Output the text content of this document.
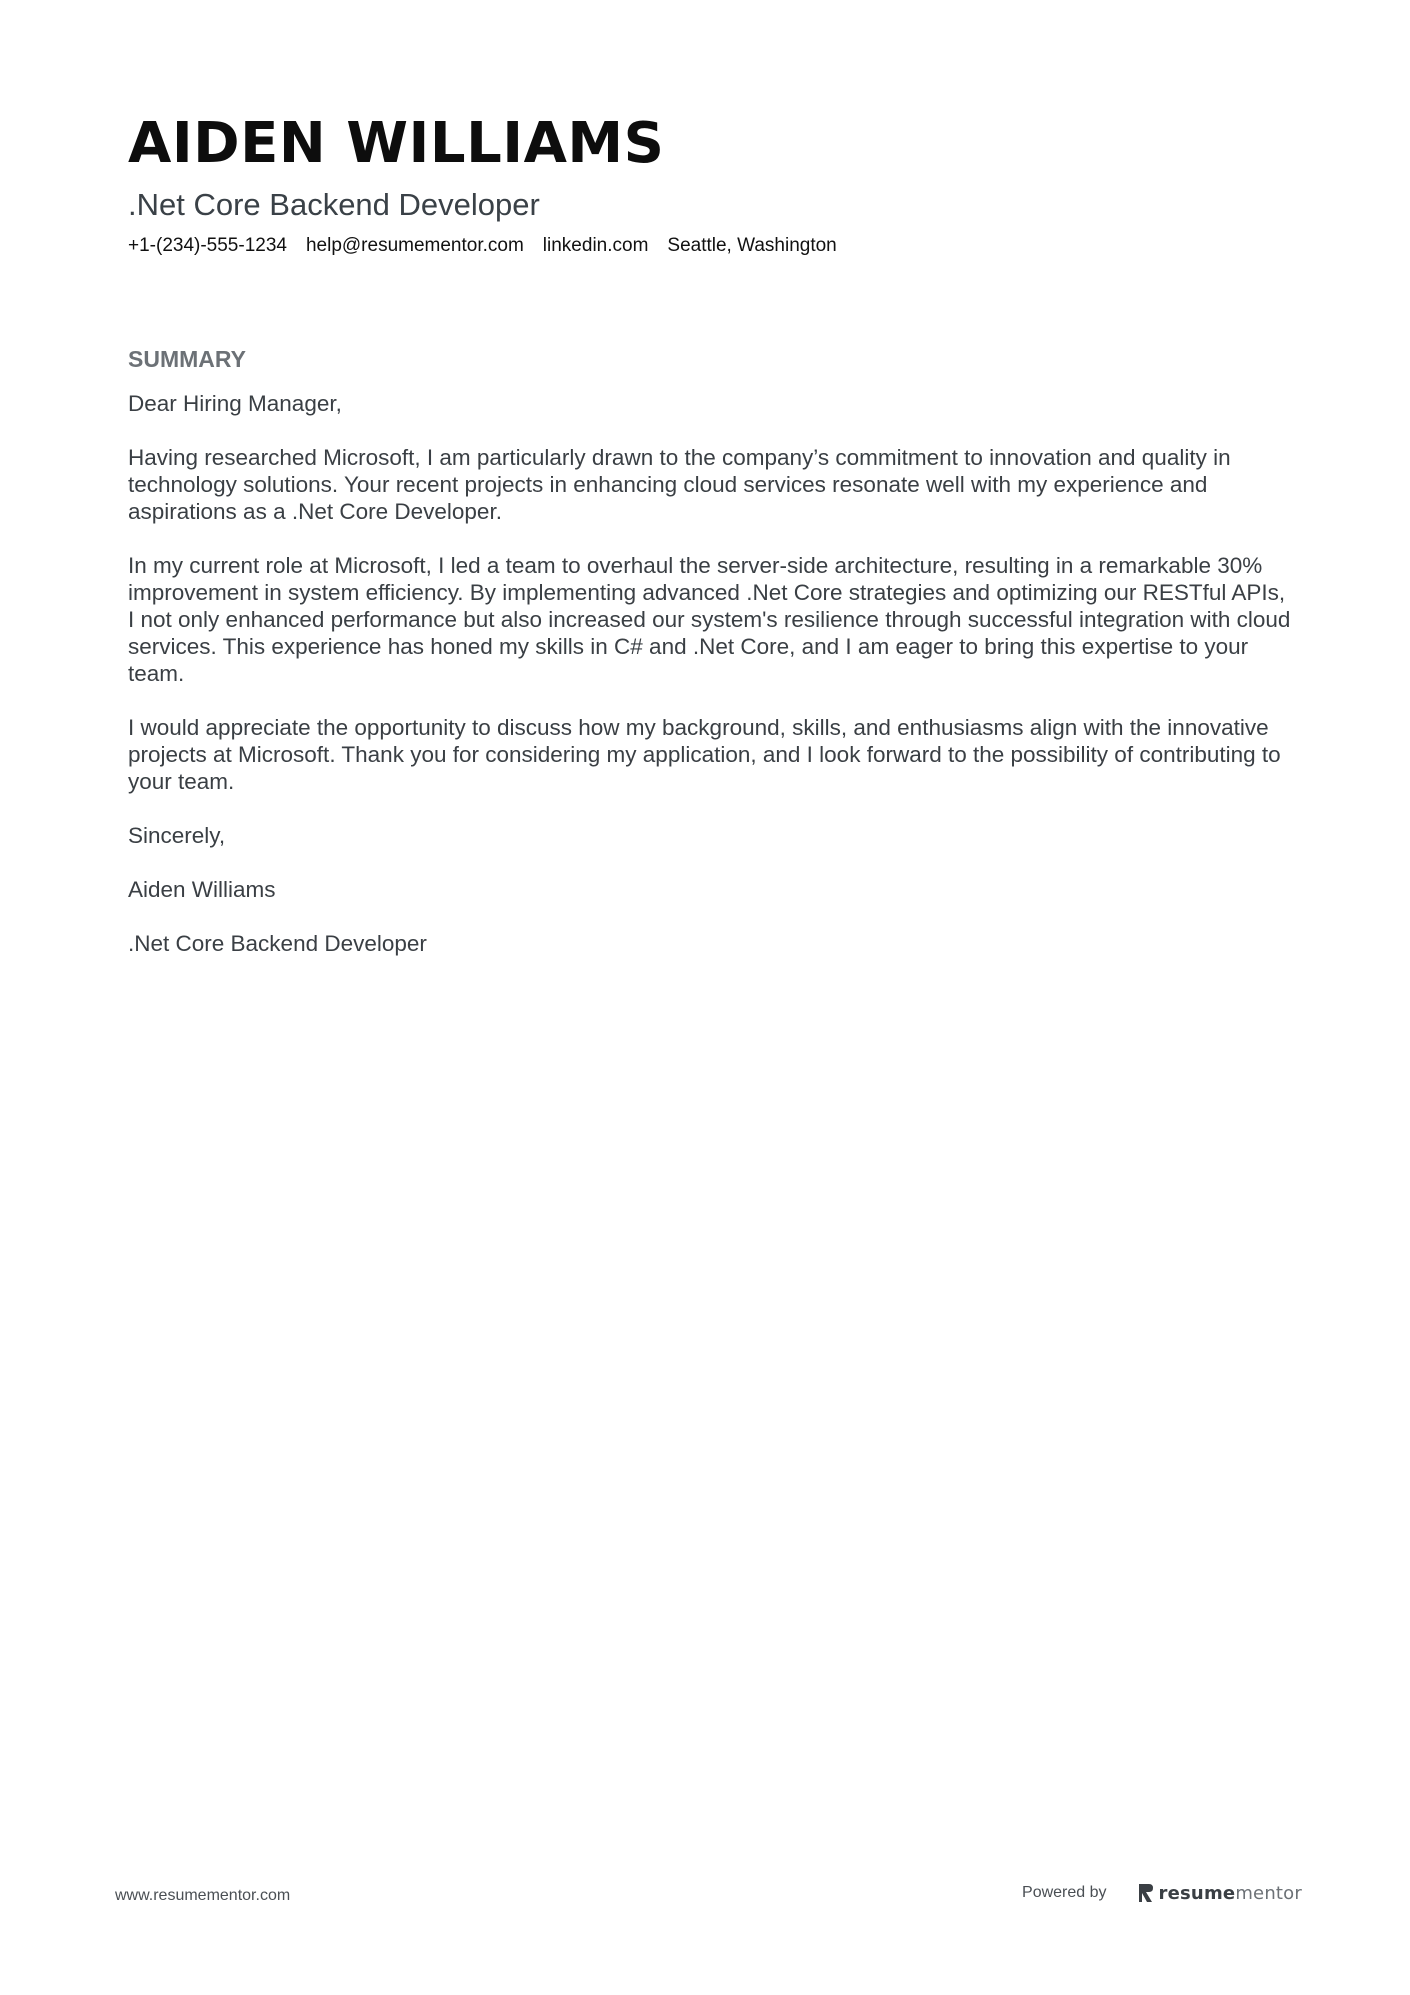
AIDEN WILLIAMS
.Net Core Backend Developer
+1-(234)-555-1234 help@resumementor.com linkedin.com Seattle, Washington
SUMMARY

Dear Hiring Manager,

Having researched Microsoft, I am particularly drawn to the company’s commitment to innovation and quality in technology solutions. Your recent projects in enhancing cloud services resonate well with my experience and aspirations as a .Net Core Developer.

In my current role at Microsoft, I led a team to overhaul the server-side architecture, resulting in a remarkable 30% improvement in system efficiency. By implementing advanced .Net Core strategies and optimizing our RESTful APIs, I not only enhanced performance but also increased our system's resilience through successful integration with cloud services. This experience has honed my skills in C# and .Net Core, and I am eager to bring this expertise to your team.

I would appreciate the opportunity to discuss how my background, skills, and enthusiasms align with the innovative projects at Microsoft. Thank you for considering my application, and I look forward to the possibility of contributing to your team.

Sincerely,

Aiden Williams

.Net Core Backend Developer

www.resumementor.com	Powered by	resumementor
